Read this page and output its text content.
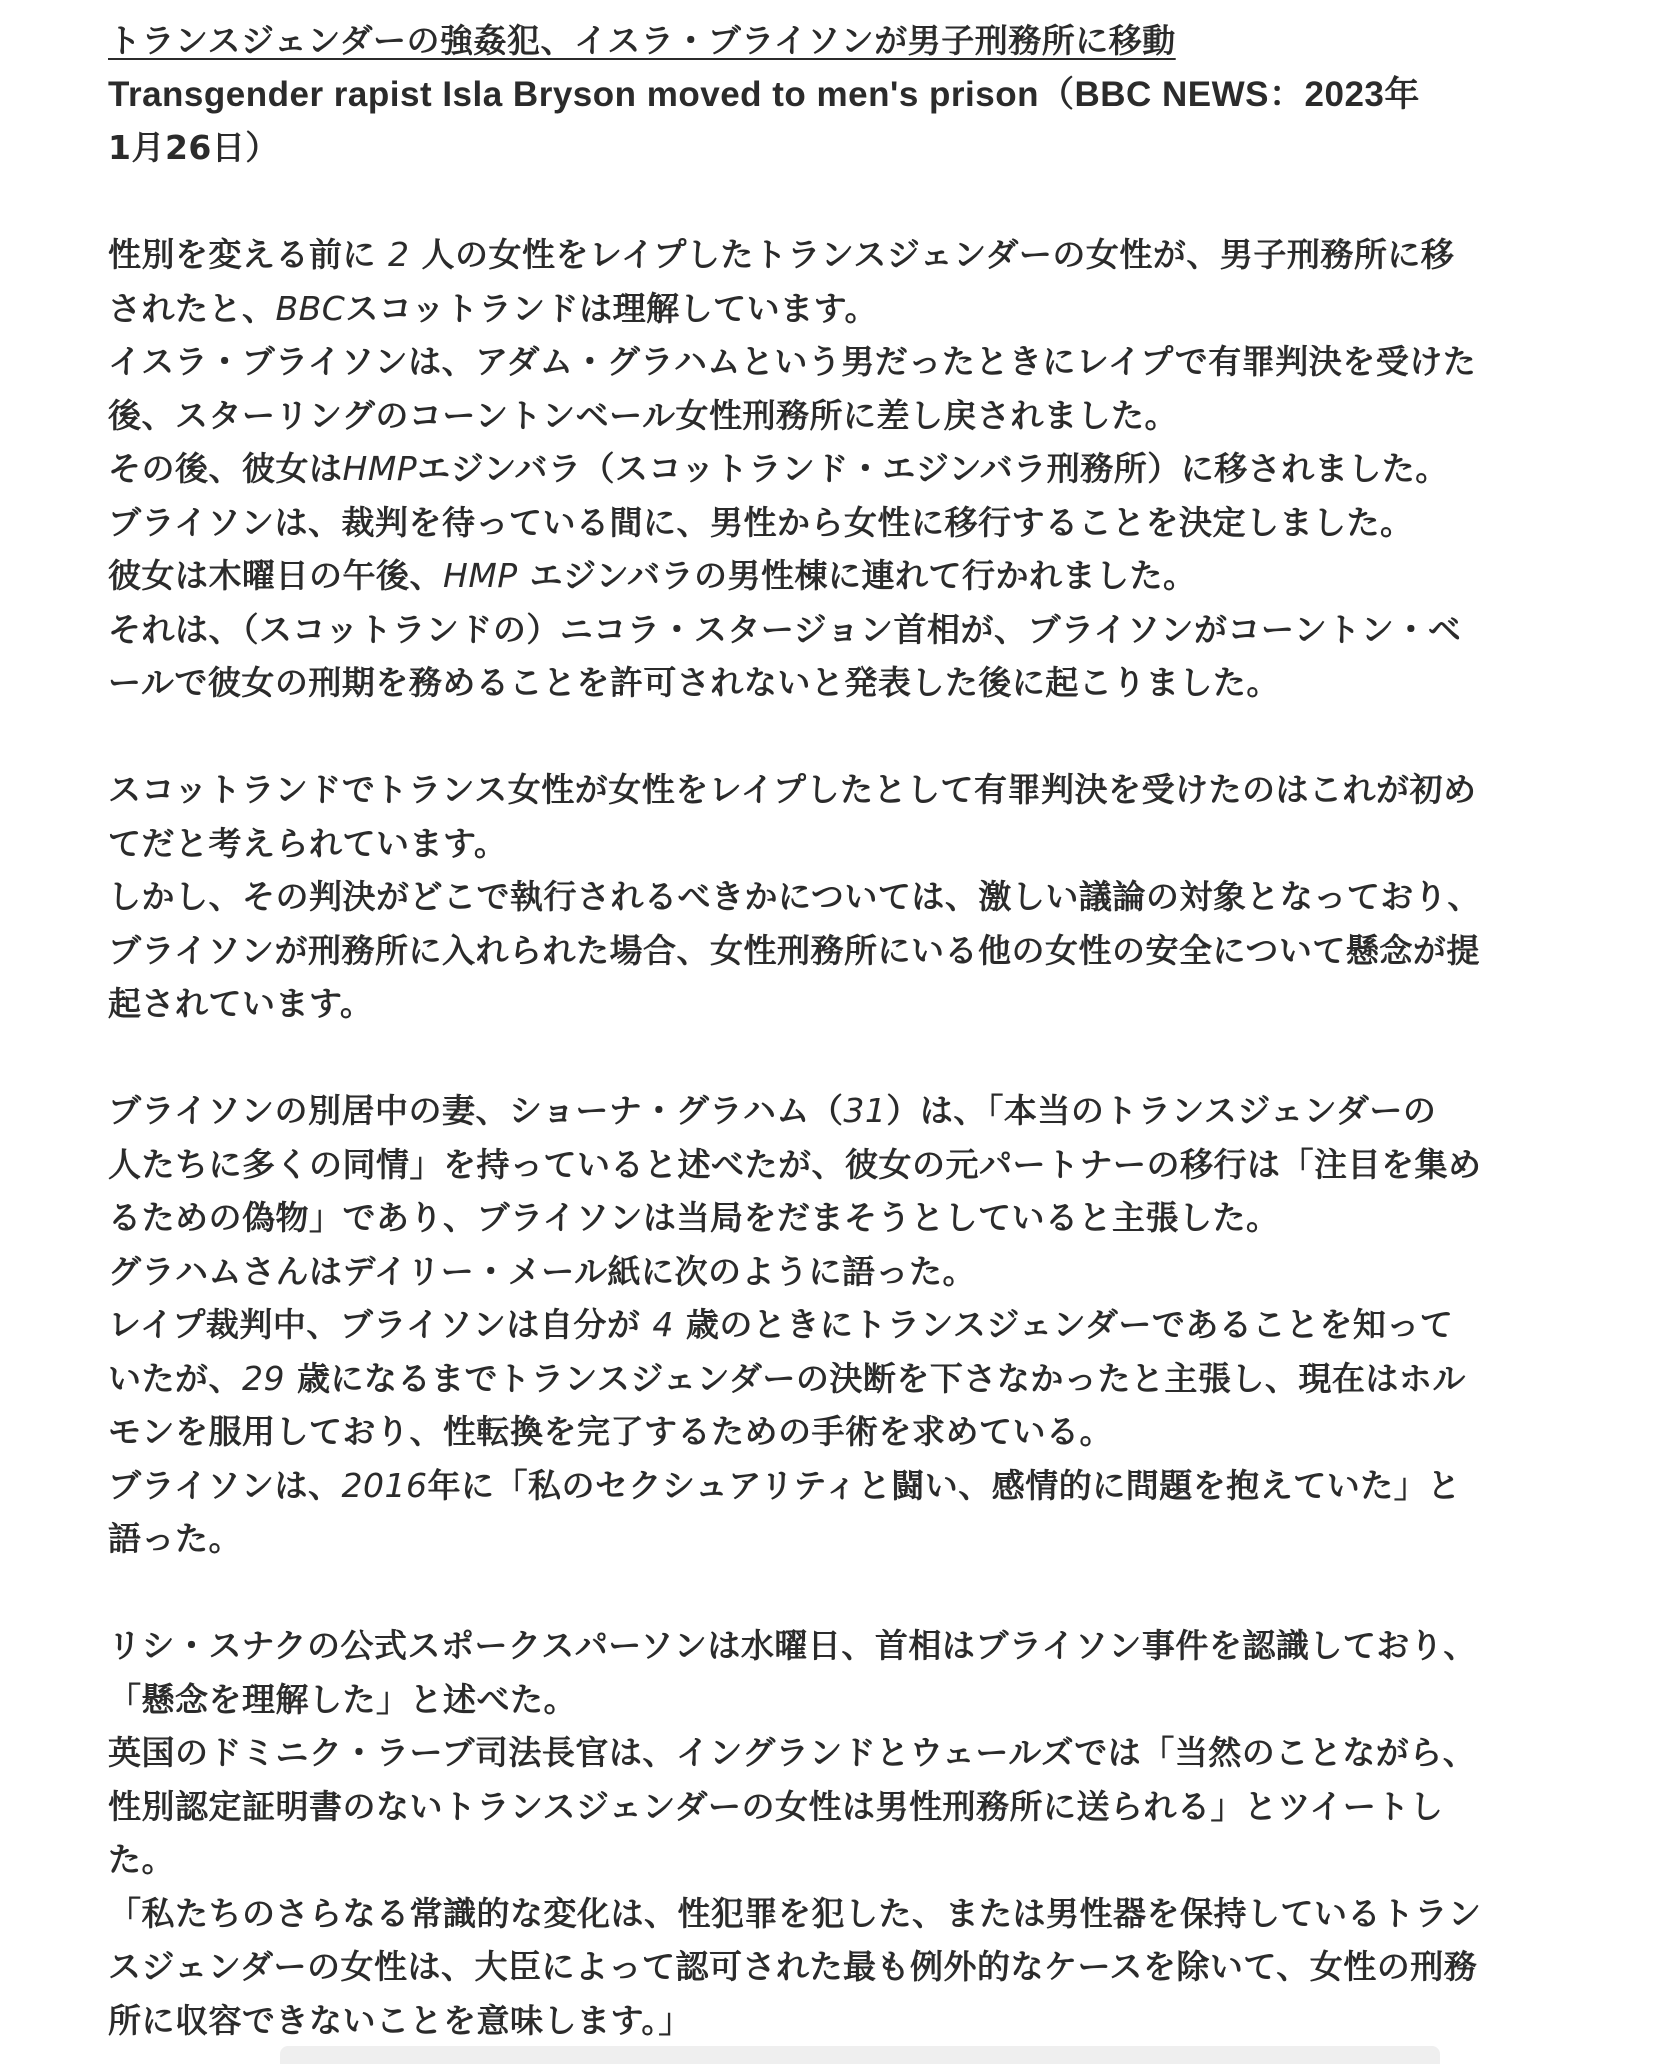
トランスジェンダーの強姦犯、イスラ・ブライソンが男子刑務所に移動
Transgender rapist Isla Bryson moved to men's prison（BBC NEWS：2023年
1月26日）
性別を変える前に 2 人の女性をレイプしたトランスジェンダーの女性が、男子刑務所に移
されたと、BBCスコットランドは理解しています。
イスラ・ブライソンは、アダム・グラハムという男だったときにレイプで有罪判決を受けた
後、スターリングのコーントンベール女性刑務所に差し戻されました。
その後、彼女はHMPエジンバラ（スコットランド・エジンバラ刑務所）に移されました。
ブライソンは、裁判を待っている間に、男性から女性に移行することを決定しました。
彼女は木曜日の午後、HMP エジンバラの男性棟に連れて行かれました。
それは、（スコットランドの）ニコラ・スタージョン首相が、ブライソンがコーントン・ベ
ールで彼女の刑期を務めることを許可されないと発表した後に起こりました。
スコットランドでトランス女性が女性をレイプしたとして有罪判決を受けたのはこれが初め
てだと考えられています。
しかし、その判決がどこで執行されるべきかについては、激しい議論の対象となっており、
ブライソンが刑務所に入れられた場合、女性刑務所にいる他の女性の安全について懸念が提
起されています。
ブライソンの別居中の妻、ショーナ・グラハム（31）は、「本当のトランスジェンダーの
人たちに多くの同情」を持っていると述べたが、彼女の元パートナーの移行は「注目を集め
るための偽物」であり、ブライソンは当局をだまそうとしていると主張した。
グラハムさんはデイリー・メール紙に次のように語った。
レイプ裁判中、ブライソンは自分が 4 歳のときにトランスジェンダーであることを知って
いたが、29 歳になるまでトランスジェンダーの決断を下さなかったと主張し、現在はホル
モンを服用しており、性転換を完了するための手術を求めている。
ブライソンは、2016年に「私のセクシュアリティと闘い、感情的に問題を抱えていた」と
語った。
リシ・スナクの公式スポークスパーソンは水曜日、首相はブライソン事件を認識しており、
「懸念を理解した」と述べた。
英国のドミニク・ラーブ司法長官は、イングランドとウェールズでは「当然のことながら、
性別認定証明書のないトランスジェンダーの女性は男性刑務所に送られる」とツイートし
た。
「私たちのさらなる常識的な変化は、性犯罪を犯した、または男性器を保持しているトラン
スジェンダーの女性は、大臣によって認可された最も例外的なケースを除いて、女性の刑務
所に収容できないことを意味します。」
